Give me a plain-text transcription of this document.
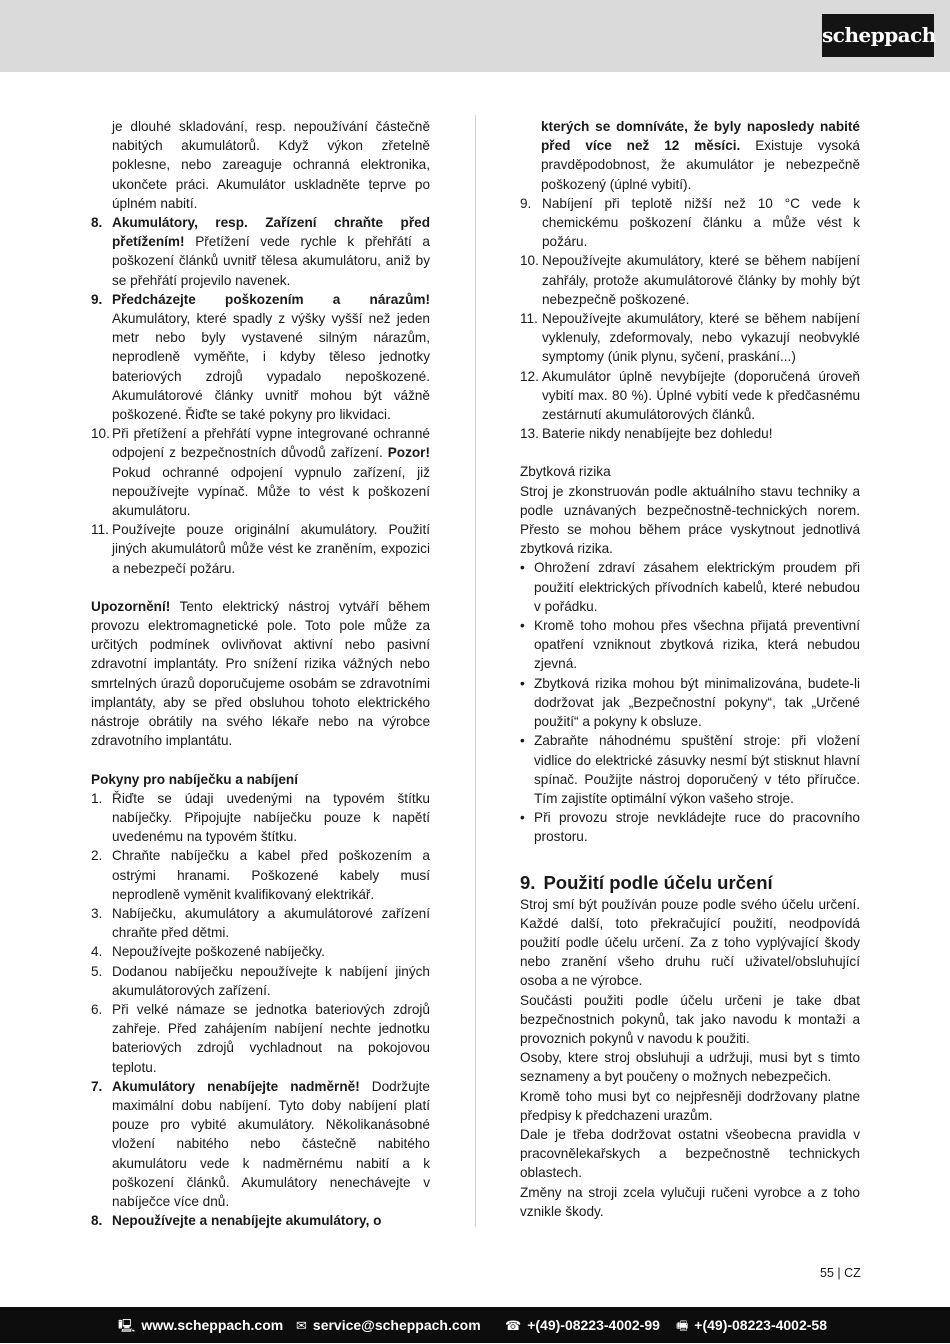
scheppach

je dlouhé skladování, resp. nepoužívání částečně nabitých akumulátorů. Když výkon zřetelně poklesne, nebo zareaguje ochranná elektronika, ukončete práci. Akumulátor uskladněte teprve po úplném nabití.

8. Akumulátory, resp. Zařízení chraňte před přetížením! Přetížení vede rychle k přehřátí a poškození článků uvnitř tělesa akumulátoru, aniž by se přehřátí projevilo navenek.
9. Předcházejte poškozením a nárazům! Akumulátory, které spadly z výšky vyšší než jeden metr nebo byly vystavené silným nárazům, neprodleně vyměňte, i kdyby těleso jednotky bateriových zdrojů vypadalo nepoškozené. Akumulátorové články uvnitř mohou být vážně poškozené. Řiďte se také pokyny pro likvidaci.
10. Při přetížení a přehřátí vypne integrované ochranné odpojení z bezpečnostních důvodů zařízení. Pozor! Pokud ochranné odpojení vypnulo zařízení, již nepoužívejte vypínač. Může to vést k poškození akumulátoru.
11. Používejte pouze originální akumulátory. Použití jiných akumulátorů může vést ke zraněním, expozici a nebezpečí požáru.

Upozornění! Tento elektrický nástroj vytváří během provozu elektromagnetické pole. Toto pole může za určitých podmínek ovlivňovat aktivní nebo pasivní zdravotní implantáty. Pro snížení rizika vážných nebo smrtelných úrazů doporučujeme osobám se zdravotními implantáty, aby se před obsluhou tohoto elektrického nástroje obrátily na svého lékaře nebo na výrobce zdravotního implantátu.

Pokyny pro nabíječku a nabíjení

1. Řiďte se údaji uvedenými na typovém štítku nabíječky. Připojujte nabíječku pouze k napětí uvedenému na typovém štítku.
2. Chraňte nabíječku a kabel před poškozením a ostrými hranami. Poškozené kabely musí neprodleně vyměnit kvalifikovaný elektrikář.
3. Nabíječku, akumulátory a akumulátorové zařízení chraňte před dětmi.
4. Nepoužívejte poškozené nabíječky.
5. Dodanou nabíječku nepoužívejte k nabíjení jiných akumulátorových zařízení.
6. Při velké námaze se jednotka bateriových zdrojů zahřeje. Před zahájením nabíjení nechte jednotku bateriových zdrojů vychladnout na pokojovou teplotu.
7. Akumulátory nenabíjejte nadměrně! Dodržujte maximální dobu nabíjení. Tyto doby nabíjení platí pouze pro vybité akumulátory. Několikanásobné vložení nabitého nebo částečně nabitého akumulátoru vede k nadměrnému nabití a k poškození článků. Akumulátory nenechávejte v nabíječce více dnů.
8. Nepoužívejte a nenabíjejte akumulátory, o

kterých se domníváte, že byly naposledy nabité před více než 12 měsíci. Existuje vysoká pravděpodobnost, že akumulátor je nebezpečně poškozený (úplné vybití).

9. Nabíjení při teplotě nižší než 10 °C vede k chemickému poškození článku a může vést k požáru.
10. Nepoužívejte akumulátory, které se během nabíjení zahřály, protože akumulátorové články by mohly být nebezpečně poškozené.
11. Nepoužívejte akumulátory, které se během nabíjení vyklenuly, zdeformovaly, nebo vykazují neobvyklé symptomy (únik plynu, syčení, praskání...)
12. Akumulátor úplně nevybíjejte (doporučená úroveň vybití max. 80 %). Úplné vybití vede k předčasnému zestárnutí akumulátorových článků.
13. Baterie nikdy nenabíjejte bez dohledu!

Zbytková rizika

Stroj je zkonstruován podle aktuálního stavu techniky a podle uznávaných bezpečnostně-technických norem. Přesto se mohou během práce vyskytnout jednotlivá zbytková rizika.

• Ohrožení zdraví zásahem elektrickým proudem při použití elektrických přívodních kabelů, které nebudou v pořádku.
• Kromě toho mohou přes všechna přijatá preventivní opatření vzniknout zbytková rizika, která nebudou zjevná.
• Zbytková rizika mohou být minimalizována, budete-li dodržovat jak „Bezpečnostní pokyny“, tak „Určené použití“ a pokyny k obsluze.
• Zabraňte náhodnému spuštění stroje: při vložení vidlice do elektrické zásuvky nesmí být stisknut hlavní spínač. Použijte nástroj doporučený v této příručce. Tím zajistíte optimální výkon vašeho stroje.
• Při provozu stroje nevkládejte ruce do pracovního prostoru.
9. Použití podle účelu určení

Stroj smí být používán pouze podle svého účelu určení. Každé další, toto překračující použití, neodpovídá použití podle účelu určení. Za z toho vyplývající škody nebo zranění všeho druhu ručí uživatel/obsluhující osoba a ne výrobce.

Součásti použiti podle účelu určeni je take dbat bezpečnostnich pokynů, tak jako navodu k montaži a provoznich pokynů v navodu k použiti.

Osoby, ktere stroj obsluhuji a udržuji, musi byt s timto seznameny a byt poučeny o možnych nebezpečich.

Kromě toho musi byt co nejpřesněji dodržovany platne předpisy k předchazeni urazům.

Dale je třeba dodržovat ostatni všeobecna pravidla v pracovnělekařskych a bezpečnostně technickych oblastech.

Změny na stroji zcela vylučuji ručeni vyrobce a z toho vznikle škody.

55 | CZ
🖳 www.scheppach.com ✉ service@scheppach.com ☎ +(49)-08223-4002-99 🖷 +(49)-08223-4002-58
